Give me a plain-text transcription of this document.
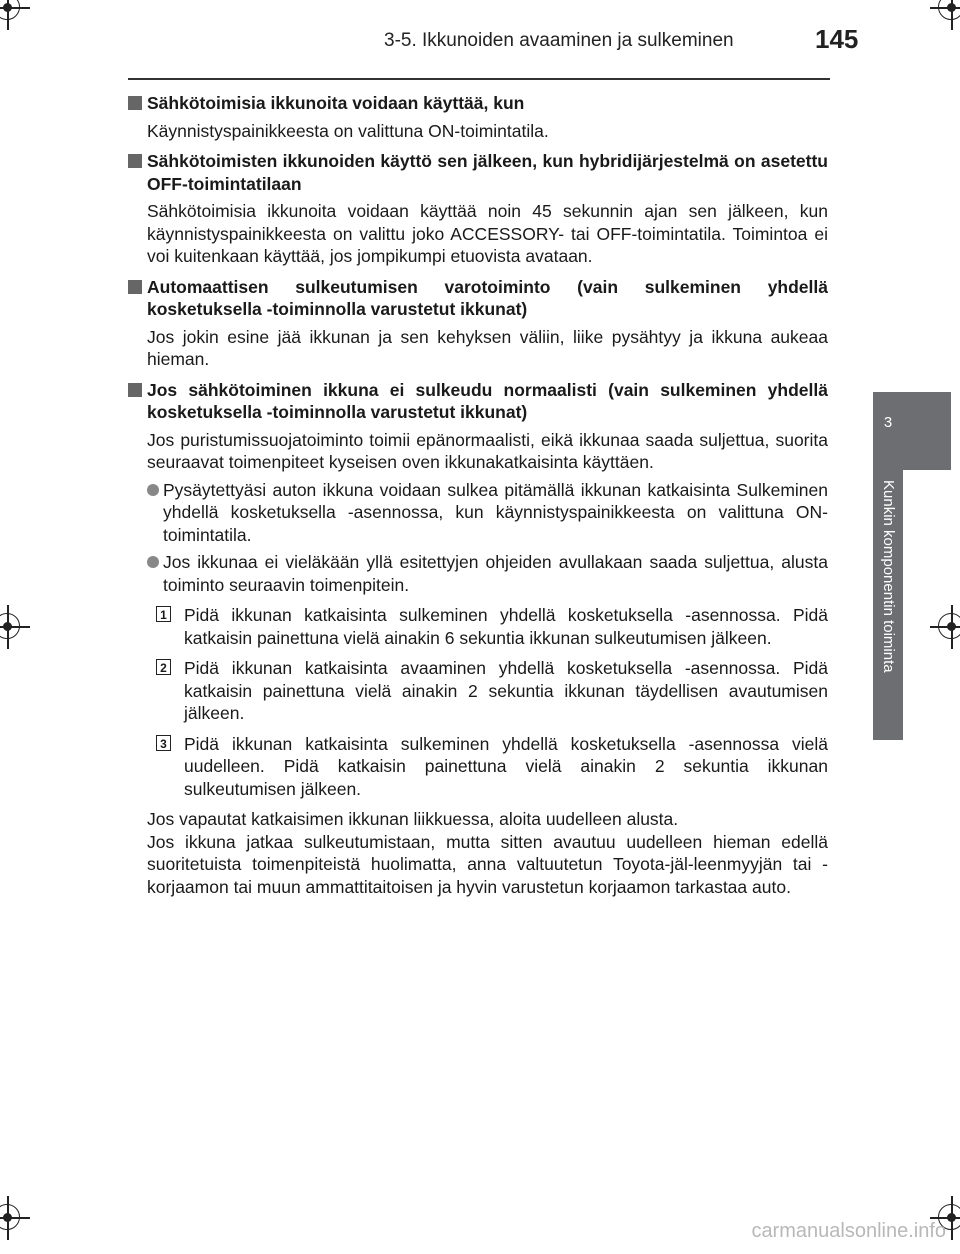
3-5. Ikkunoiden avaaminen ja sulkeminen	145
3
Kunkin komponentin toiminta
Sähkötoimisia ikkunoita voidaan käyttää, kun
Käynnistyspainikkeesta on valittuna ON-toimintatila.
Sähkötoimisten ikkunoiden käyttö sen jälkeen, kun hybridijärjestelmä on asetettu OFF-toimintatilaan
Sähkötoimisia ikkunoita voidaan käyttää noin 45 sekunnin ajan sen jälkeen, kun käynnistyspainikkeesta on valittu joko ACCESSORY- tai OFF-toimintatila. Toimintoa ei voi kuitenkaan käyttää, jos jompikumpi etuovista avataan.
Automaattisen sulkeutumisen varotoiminto (vain sulkeminen yhdellä kosketuksella -toiminnolla varustetut ikkunat)
Jos jokin esine jää ikkunan ja sen kehyksen väliin, liike pysähtyy ja ikkuna aukeaa hieman.
Jos sähkötoiminen ikkuna ei sulkeudu normaalisti (vain sulkeminen yhdellä kosketuksella -toiminnolla varustetut ikkunat)
Jos puristumissuojatoiminto toimii epänormaalisti, eikä ikkunaa saada suljettua, suorita seuraavat toimenpiteet kyseisen oven ikkunakatkaisinta käyttäen.
Pysäytettyäsi auton ikkuna voidaan sulkea pitämällä ikkunan katkaisinta Sulkeminen yhdellä kosketuksella -asennossa, kun käynnistyspainikkeesta on valittuna ON-toimintatila.
Jos ikkunaa ei vieläkään yllä esitettyjen ohjeiden avullakaan saada suljettua, alusta toiminto seuraavin toimenpitein.
1 Pidä ikkunan katkaisinta sulkeminen yhdellä kosketuksella -asennossa. Pidä katkaisin painettuna vielä ainakin 6 sekuntia ikkunan sulkeutumisen jälkeen.
2 Pidä ikkunan katkaisinta avaaminen yhdellä kosketuksella -asennossa. Pidä katkaisin painettuna vielä ainakin 2 sekuntia ikkunan täydellisen avautumisen jälkeen.
3 Pidä ikkunan katkaisinta sulkeminen yhdellä kosketuksella -asennossa vielä uudelleen. Pidä katkaisin painettuna vielä ainakin 2 sekuntia ikkunan sulkeutumisen jälkeen.
Jos vapautat katkaisimen ikkunan liikkuessa, aloita uudelleen alusta.
Jos ikkuna jatkaa sulkeutumistaan, mutta sitten avautuu uudelleen hieman edellä suoritetuista toimenpiteistä huolimatta, anna valtuutetun Toyota-jäl-leenmyyjän tai -korjaamon tai muun ammattitaitoisen ja hyvin varustetun korjaamon tarkastaa auto.
carmanualsonline.info
